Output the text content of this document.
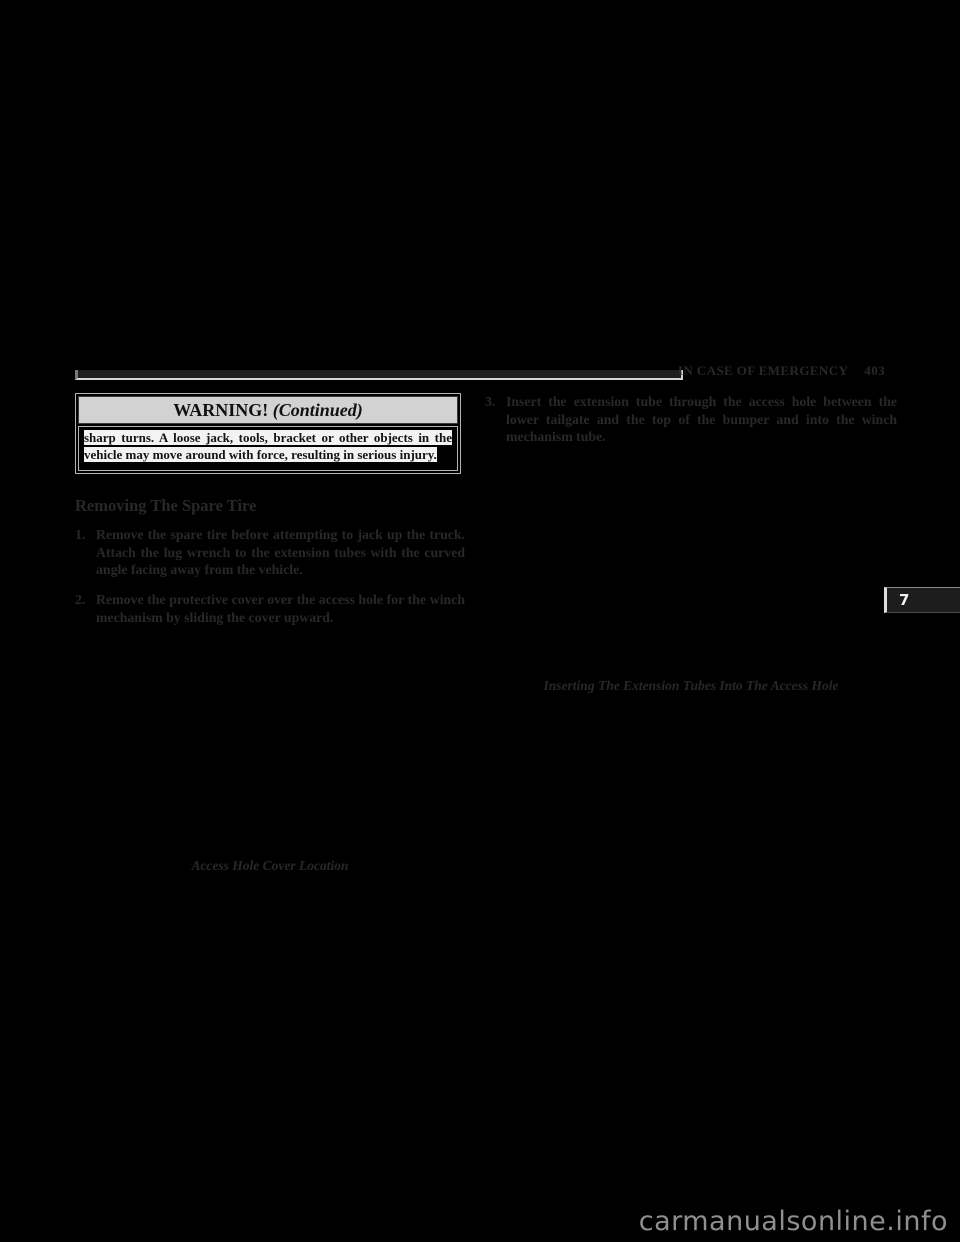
IN CASE OF EMERGENCY 403
WARNING! (Continued)

sharp turns. A loose jack, tools, bracket or other objects in the vehicle may move around with force, resulting in serious injury.

Removing The Spare Tire
1. Remove the spare tire before attempting to jack up the truck. Attach the lug wrench to the extension tubes with the curved angle facing away from the vehicle.

2. Remove the protective cover over the access hole for the winch mechanism by sliding the cover upward.

Access Hole Cover Location
3. Insert the extension tube through the access hole between the lower tailgate and the top of the bumper and into the winch mechanism tube.

Inserting The Extension Tubes Into The Access Hole
7
carmanualsonline.info
